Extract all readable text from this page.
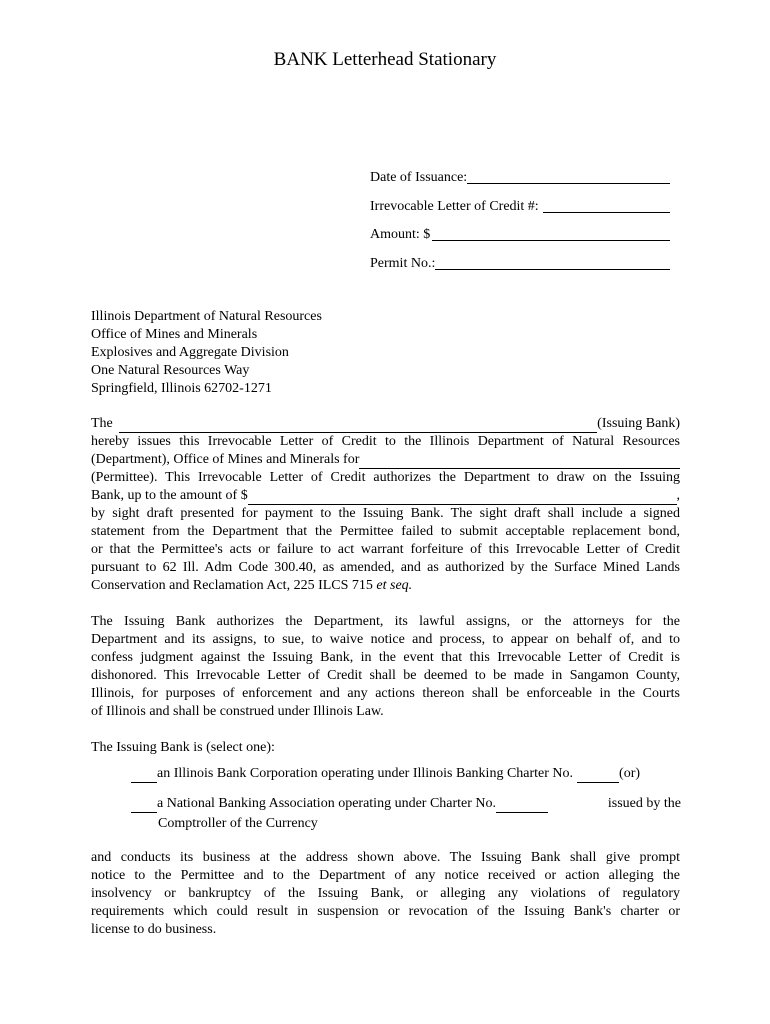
BANK Letterhead Stationary
Date of Issuance:
Irrevocable Letter of Credit #:
Amount: $
Permit No.:
Illinois Department of Natural Resources
Office of Mines and Minerals
Explosives and Aggregate Division
One Natural Resources Way
Springfield, Illinois 62702-1271
The	(Issuing Bank)
hereby issues this Irrevocable Letter of Credit to the Illinois Department of Natural Resources
(Department), Office of Mines and Minerals for
(Permittee). This Irrevocable Letter of Credit authorizes the Department to draw on the Issuing
Bank, up to the amount of $	,
by sight draft presented for payment to the Issuing Bank. The sight draft shall include a signed
statement from the Department that the Permittee failed to submit acceptable replacement bond,
or that the Permittee's acts or failure to act warrant forfeiture of this Irrevocable Letter of Credit
pursuant to 62 Ill. Adm Code 300.40, as amended, and as authorized by the Surface Mined Lands
Conservation and Reclamation Act, 225 ILCS 715 et seq.
The Issuing Bank authorizes the Department, its lawful assigns, or the attorneys for the
Department and its assigns, to sue, to waive notice and process, to appear on behalf of, and to
confess judgment against the Issuing Bank, in the event that this Irrevocable Letter of Credit is
dishonored. This Irrevocable Letter of Credit shall be deemed to be made in Sangamon County,
Illinois, for purposes of enforcement and any actions thereon shall be enforceable in the Courts
of Illinois and shall be construed under Illinois Law.
The Issuing Bank is (select one):
an Illinois Bank Corporation operating under Illinois Banking Charter No.	(or)
a National Banking Association operating under Charter No.	issued by the
Comptroller of the Currency
and conducts its business at the address shown above. The Issuing Bank shall give prompt
notice to the Permittee and to the Department of any notice received or action alleging the
insolvency or bankruptcy of the Issuing Bank, or alleging any violations of regulatory
requirements which could result in suspension or revocation of the Issuing Bank's charter or
license to do business.
